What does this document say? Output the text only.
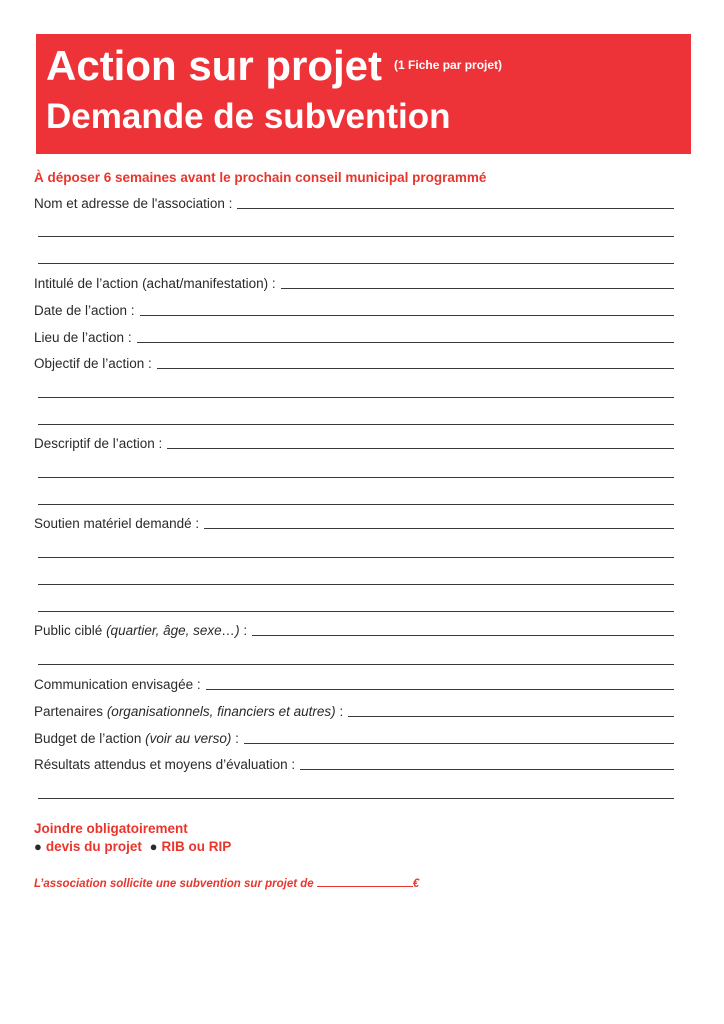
Action sur projet $^{(1 Fiche par projet)}$
Demande de subvention
À déposer 6 semaines avant le prochain conseil municipal programmé
Nom et adresse de l'association :
Intitulé de l’action (achat/manifestation) :
Date de l’action :
Lieu de l’action :
Objectif de l’action :
Descriptif de l’action :
Soutien matériel demandé :
Public ciblé (quartier, âge, sexe…) :
Communication envisagée :
Partenaires (organisationnels, financiers et autres) :
Budget de l’action (voir au verso) :
Résultats attendus et moyens d’évaluation :
Joindre obligatoirement
● devis du projet ● RIB ou RIP
L’association sollicite une subvention sur projet de	€
